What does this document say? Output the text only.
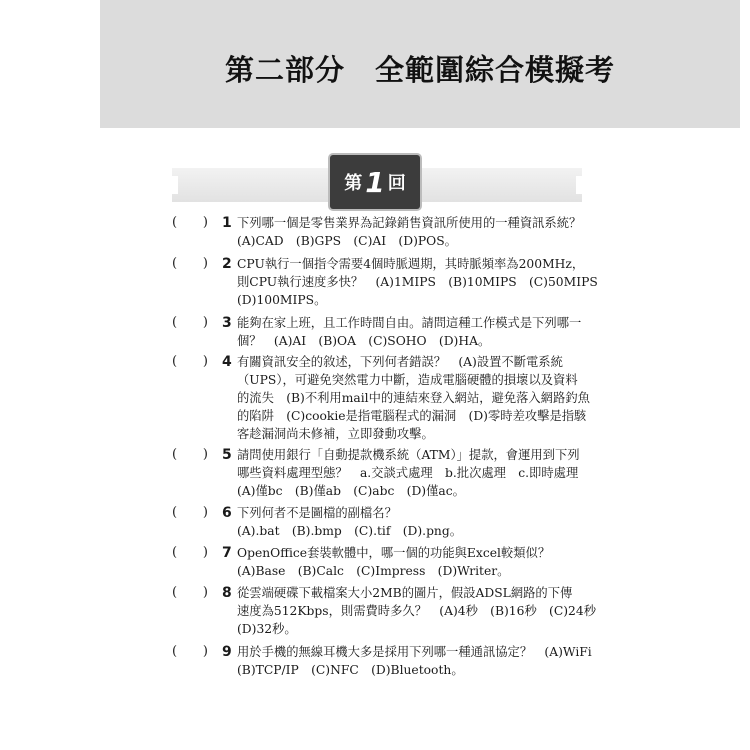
第二部分　全範圍綜合模擬考
第 1 回
( ) 1 下列哪一個是零售業界為記錄銷售資訊所使用的一種資訊系統？
(A)CAD　(B)GPS　(C)AI　(D)POS。
( ) 2 CPU執行一個指令需要4個時脈週期，其時脈頻率為200MHz，
則CPU執行速度多快？　(A)1MIPS　(B)10MIPS　(C)50MIPS
(D)100MIPS。
( ) 3 能夠在家上班，且工作時間自由。請問這種工作模式是下列哪一
個？　(A)AI　(B)OA　(C)SOHO　(D)HA。
( ) 4 有關資訊安全的敘述，下列何者錯誤？　(A)設置不斷電系統
（UPS），可避免突然電力中斷，造成電腦硬體的損壞以及資料
的流失　(B)不利用mail中的連結來登入網站，避免落入網路釣魚
的陷阱　(C)cookie是指電腦程式的漏洞　(D)零時差攻擊是指駭
客趁漏洞尚未修補，立即發動攻擊。
( ) 5 請問使用銀行「自動提款機系統（ATM）」提款，會運用到下列
哪些資料處理型態？　a.交談式處理　b.批次處理　c.即時處理
(A)僅bc　(B)僅ab　(C)abc　(D)僅ac。
( ) 6 下列何者不是圖檔的副檔名？
(A).bat　(B).bmp　(C).tif　(D).png。
( ) 7 OpenOffice套裝軟體中，哪一個的功能與Excel較類似？
(A)Base　(B)Calc　(C)Impress　(D)Writer。
( ) 8 從雲端硬碟下載檔案大小2MB的圖片，假設ADSL網路的下傳
速度為512Kbps，則需費時多久？　(A)4秒　(B)16秒　(C)24秒
(D)32秒。
( ) 9 用於手機的無線耳機大多是採用下列哪一種通訊協定？　(A)WiFi
(B)TCP/IP　(C)NFC　(D)Bluetooth。
